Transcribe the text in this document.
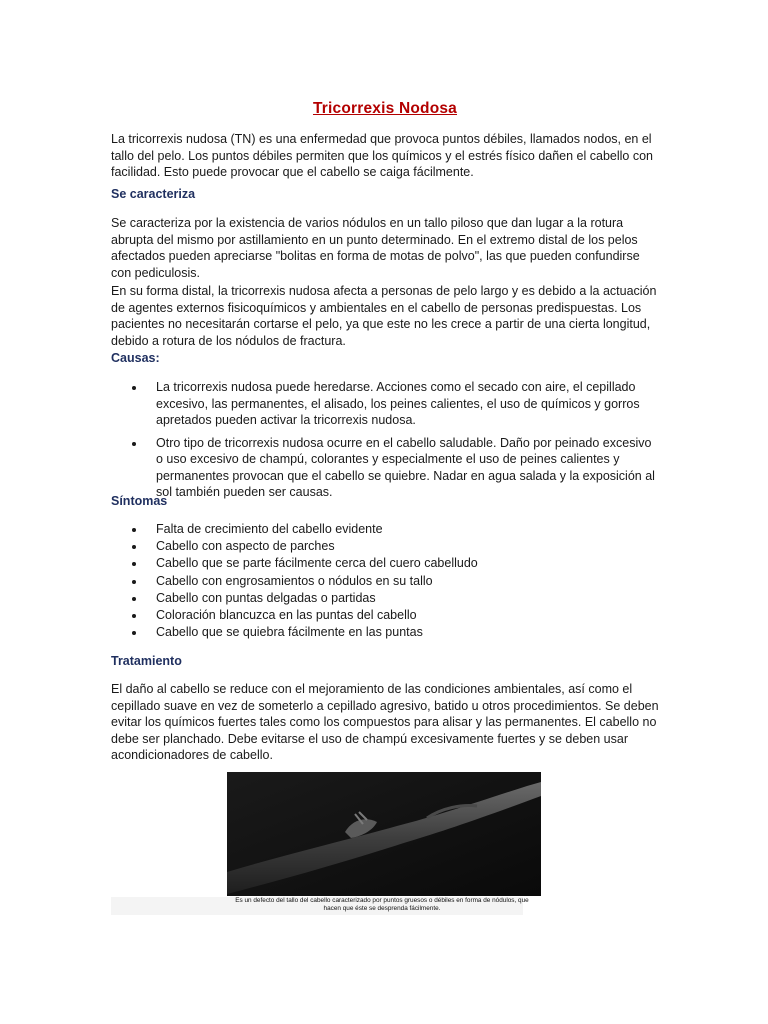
Tricorrexis Nodosa

La tricorrexis nudosa (TN) es una enfermedad que provoca puntos débiles, llamados nodos, en el tallo del pelo. Los puntos débiles permiten que los químicos y el estrés físico dañen el cabello con facilidad. Esto puede provocar que el cabello se caiga fácilmente.

Se caracteriza

Se caracteriza por la existencia de varios nódulos en un tallo piloso que dan lugar a la rotura abrupta del mismo por astillamiento en un punto determinado. En el extremo distal de los pelos afectados pueden apreciarse "bolitas en forma de motas de polvo", las que pueden confundirse con pediculosis.

En su forma distal, la tricorrexis nudosa afecta a personas de pelo largo y es debido a la actuación de agentes externos fisicoquímicos y ambientales en el cabello de personas predispuestas. Los pacientes no necesitarán cortarse el pelo, ya que este no les crece a partir de una cierta longitud, debido a rotura de los nódulos de fractura.

Causas:
La tricorrexis nudosa puede heredarse. Acciones como el secado con aire, el cepillado excesivo, las permanentes, el alisado, los peines calientes, el uso de químicos y gorros apretados pueden activar la tricorrexis nudosa.
Otro tipo de tricorrexis nudosa ocurre en el cabello saludable. Daño por peinado excesivo o uso excesivo de champú, colorantes y especialmente el uso de peines calientes y permanentes provocan que el cabello se quiebre. Nadar en agua salada y la exposición al sol también pueden ser causas.
Síntomas
Falta de crecimiento del cabello evidente
Cabello con aspecto de parches
Cabello que se parte fácilmente cerca del cuero cabelludo
Cabello con engrosamientos o nódulos en su tallo
Cabello con puntas delgadas o partidas
Coloración blancuzca en las puntas del cabello
Cabello que se quiebra fácilmente en las puntas
Tratamiento

El daño al cabello se reduce con el mejoramiento de las condiciones ambientales, así como el cepillado suave en vez de someterlo a cepillado agresivo, batido u otros procedimientos. Se deben evitar los químicos fuertes tales como los compuestos para alisar y las permanentes. El cabello no debe ser planchado. Debe evitarse el uso de champú excesivamente fuertes y se deben usar acondicionadores de cabello.

Es un defecto del tallo del cabello caracterizado por puntos gruesos o débiles en forma de nódulos, que hacen que éste se desprenda fácilmente.
